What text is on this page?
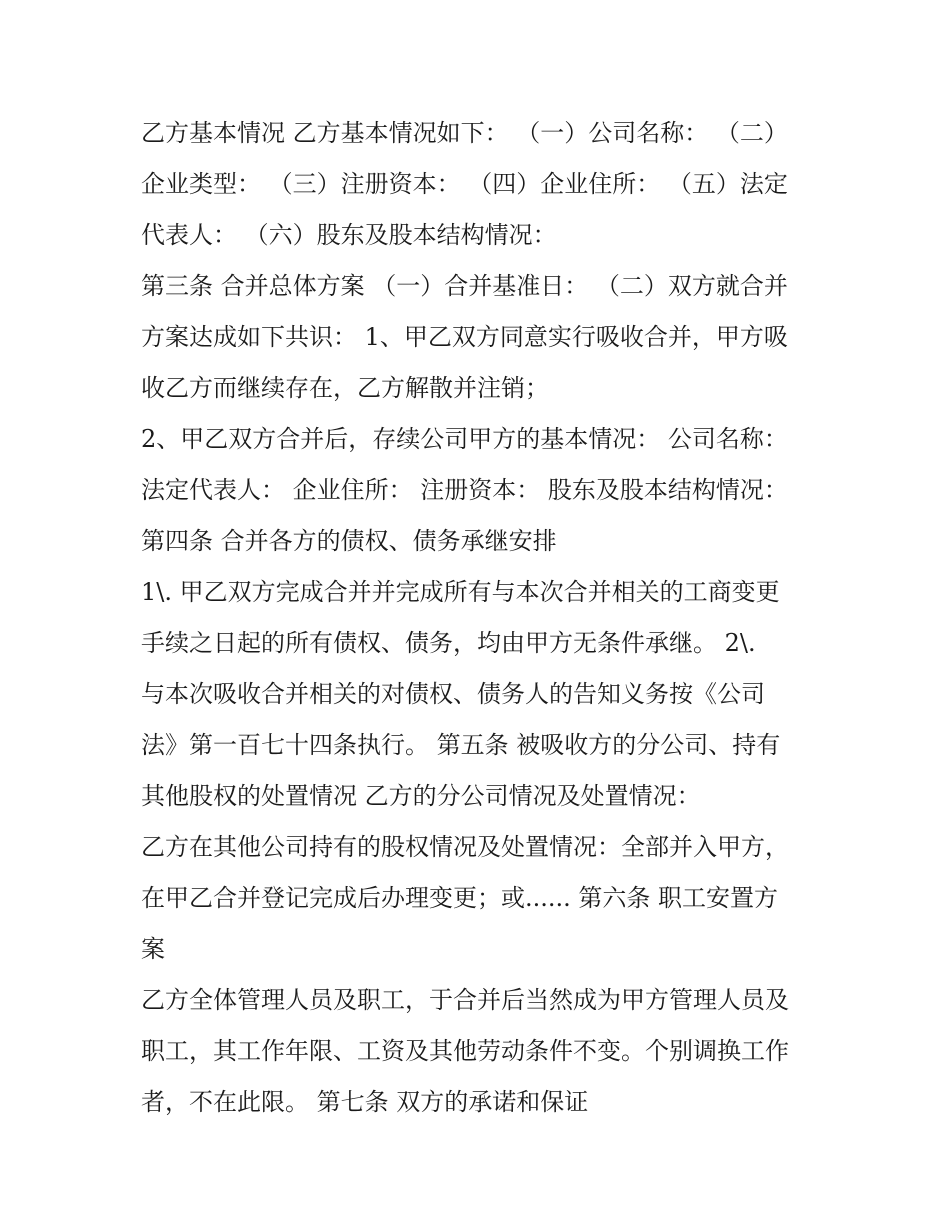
乙方基本情况 乙方基本情况如下： （一）公司名称： （二）
企业类型： （三）注册资本： （四）企业住所： （五）法定
代表人： （六）股东及股本结构情况：
第三条 合并总体方案 （一）合并基准日： （二）双方就合并
方案达成如下共识： 1、甲乙双方同意实行吸收合并，甲方吸
收乙方而继续存在，乙方解散并注销；
2、甲乙双方合并后，存续公司甲方的基本情况： 公司名称：
法定代表人： 企业住所： 注册资本： 股东及股本结构情况：
第四条 合并各方的债权、债务承继安排
1\. 甲乙双方完成合并并完成所有与本次合并相关的工商变更
手续之日起的所有债权、债务，均由甲方无条件承继。 2\.
与本次吸收合并相关的对债权、债务人的告知义务按《公司
法》第一百七十四条执行。 第五条 被吸收方的分公司、持有
其他股权的处置情况 乙方的分公司情况及处置情况：
乙方在其他公司持有的股权情况及处置情况：全部并入甲方，
在甲乙合并登记完成后办理变更；或...... 第六条 职工安置方
案
乙方全体管理人员及职工，于合并后当然成为甲方管理人员及
职工，其工作年限、工资及其他劳动条件不变。个别调换工作
者，不在此限。 第七条 双方的承诺和保证
